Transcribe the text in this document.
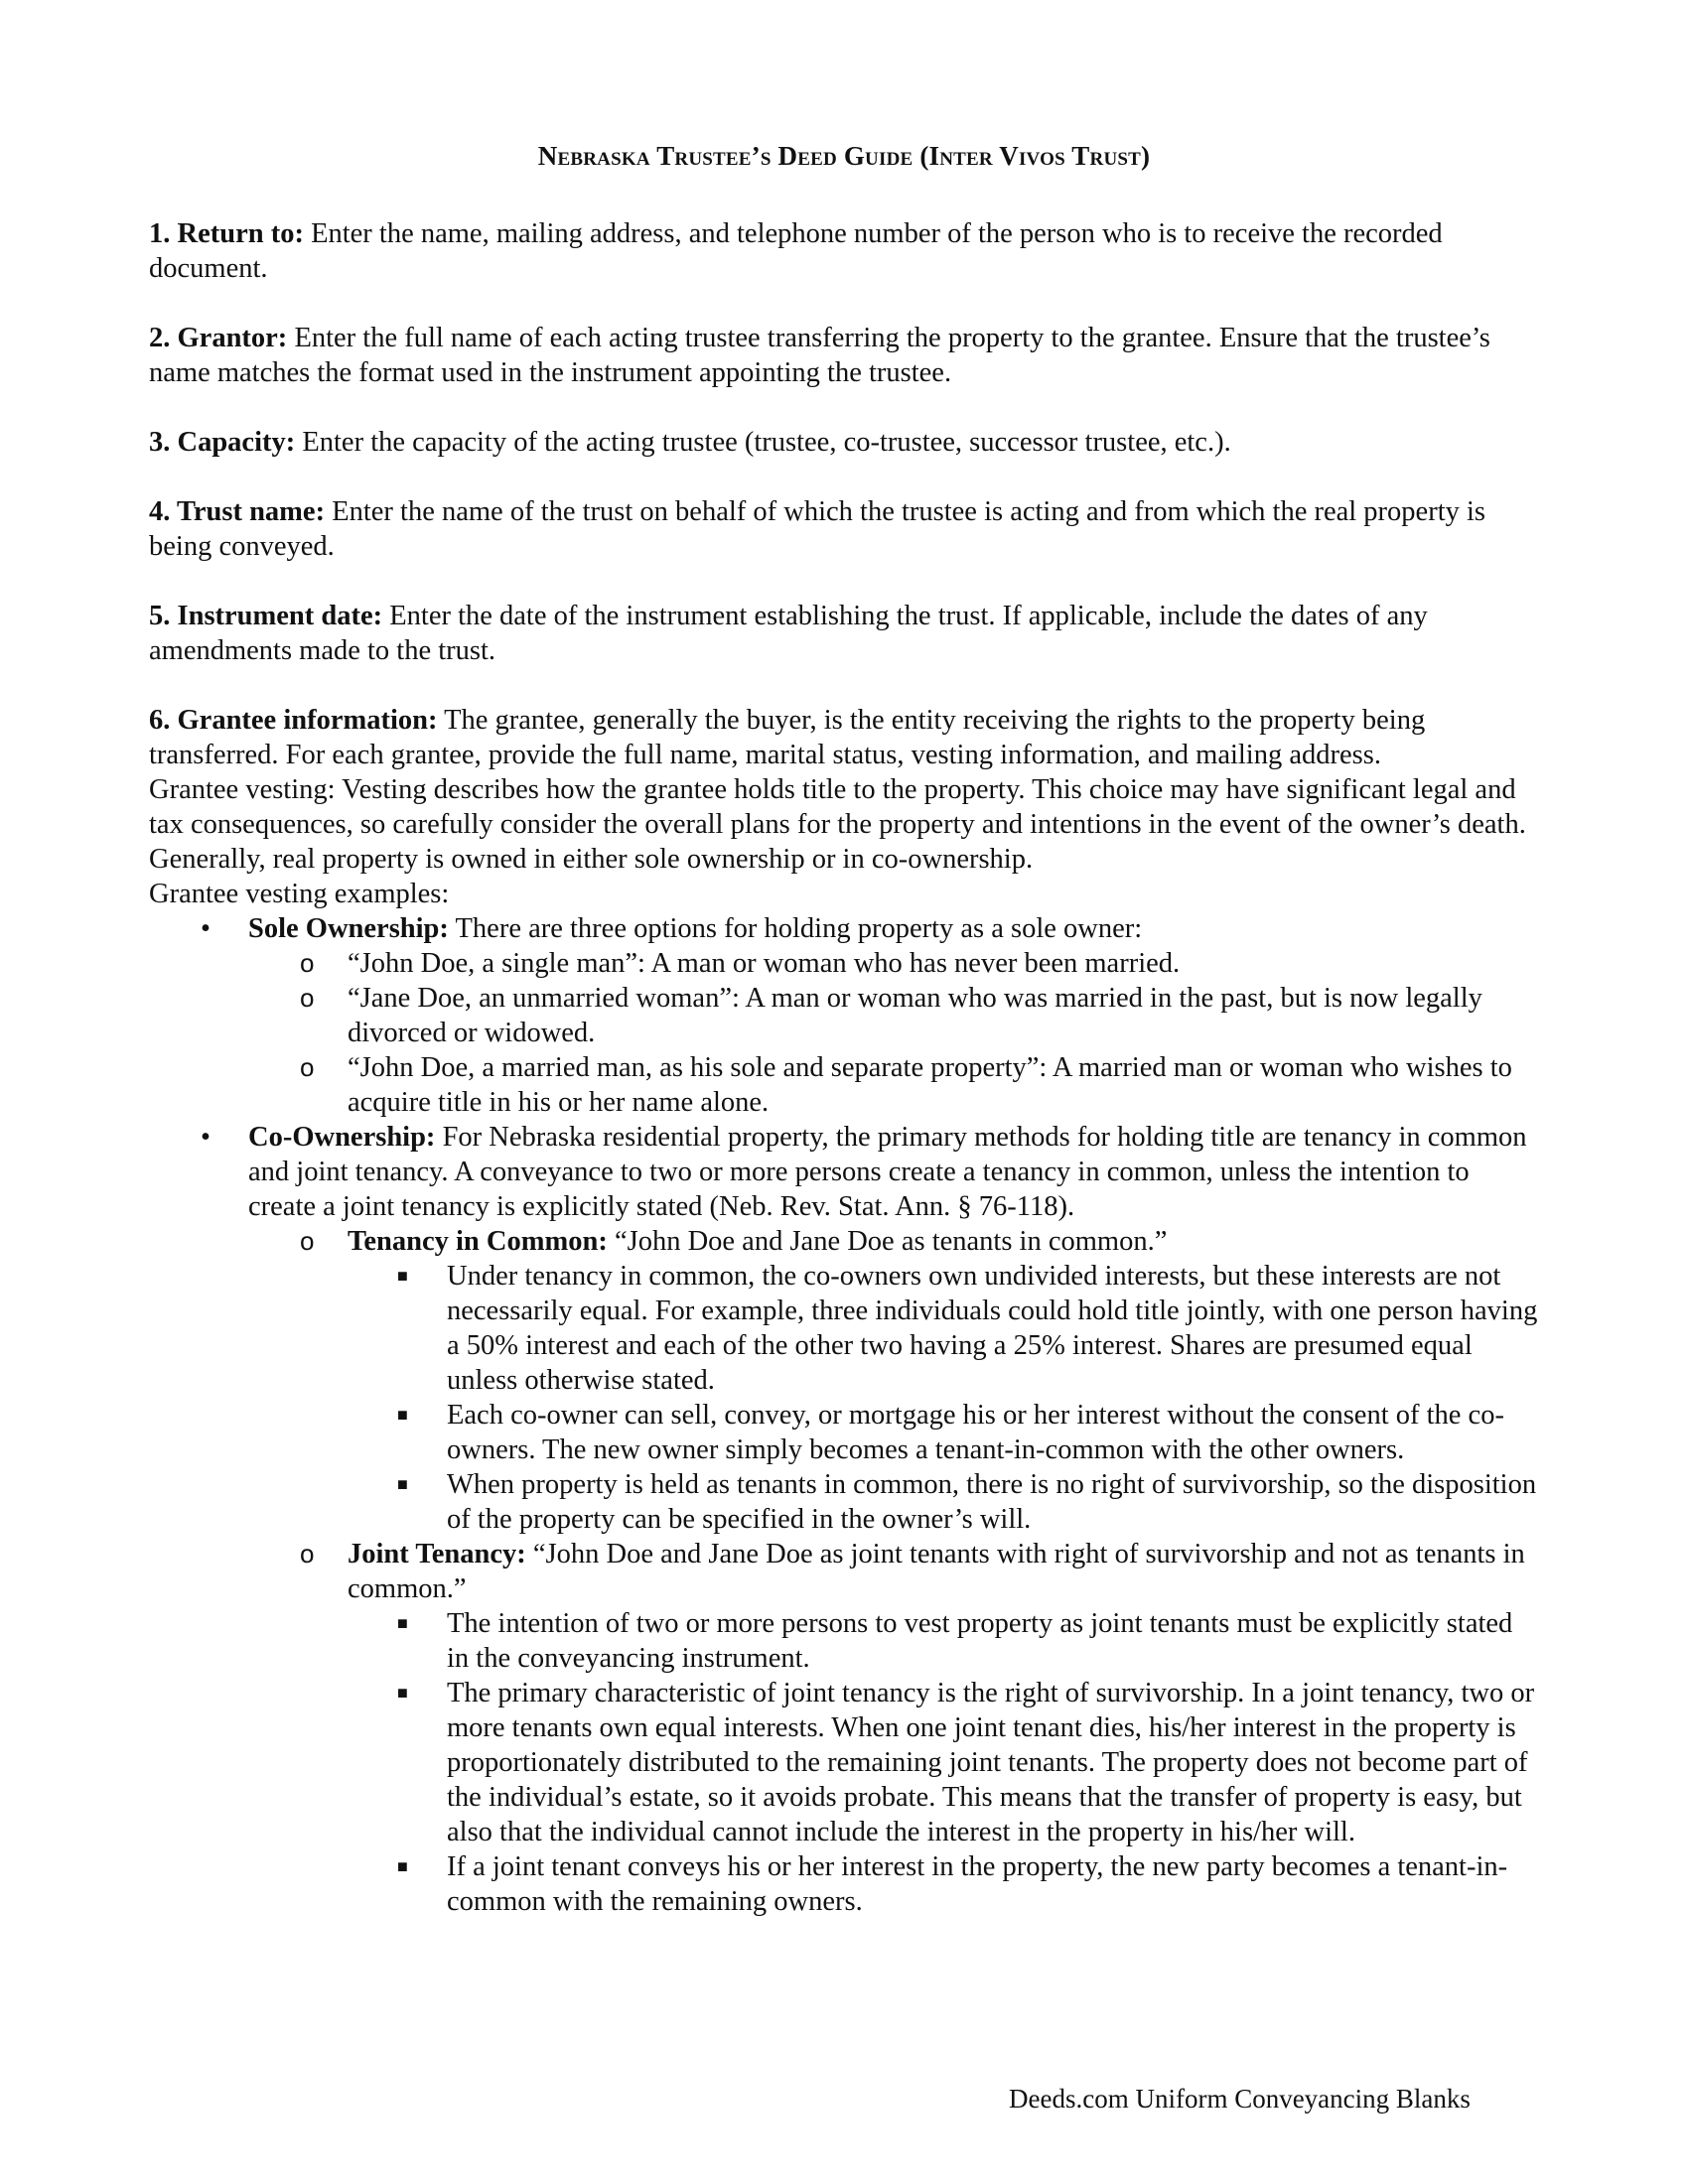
Nebraska Trustee’s Deed Guide (Inter Vivos Trust)

1. Return to: Enter the name, mailing address, and telephone number of the person who is to receive the recorded document.

2. Grantor: Enter the full name of each acting trustee transferring the property to the grantee. Ensure that the trustee’s name matches the format used in the instrument appointing the trustee.

3. Capacity: Enter the capacity of the acting trustee (trustee, co-trustee, successor trustee, etc.).

4. Trust name: Enter the name of the trust on behalf of which the trustee is acting and from which the real property is being conveyed.

5. Instrument date: Enter the date of the instrument establishing the trust. If applicable, include the dates of any amendments made to the trust.

6. Grantee information: The grantee, generally the buyer, is the entity receiving the rights to the property being transferred. For each grantee, provide the full name, marital status, vesting information, and mailing address.

Grantee vesting: Vesting describes how the grantee holds title to the property. This choice may have significant legal and tax consequences, so carefully consider the overall plans for the property and intentions in the event of the owner’s death. Generally, real property is owned in either sole ownership or in co-ownership.

Grantee vesting examples:

• Sole Ownership: There are three options for holding property as a sole owner:
o “John Doe, a single man”: A man or woman who has never been married.
o “Jane Doe, an unmarried woman”: A man or woman who was married in the past, but is now legally divorced or widowed.
o “John Doe, a married man, as his sole and separate property”: A married man or woman who wishes to acquire title in his or her name alone.
• Co-Ownership: For Nebraska residential property, the primary methods for holding title are tenancy in common and joint tenancy. A conveyance to two or more persons create a tenancy in common, unless the intention to create a joint tenancy is explicitly stated (Neb. Rev. Stat. Ann. § 76-118).
o Tenancy in Common: “John Doe and Jane Doe as tenants in common.”
■ Under tenancy in common, the co-owners own undivided interests, but these interests are not necessarily equal. For example, three individuals could hold title jointly, with one person having a 50% interest and each of the other two having a 25% interest. Shares are presumed equal unless otherwise stated.
■ Each co-owner can sell, convey, or mortgage his or her interest without the consent of the co-owners. The new owner simply becomes a tenant-in-common with the other owners.
■ When property is held as tenants in common, there is no right of survivorship, so the disposition of the property can be specified in the owner’s will.
o Joint Tenancy: “John Doe and Jane Doe as joint tenants with right of survivorship and not as tenants in common.”
■ The intention of two or more persons to vest property as joint tenants must be explicitly stated in the conveyancing instrument.
■ The primary characteristic of joint tenancy is the right of survivorship. In a joint tenancy, two or more tenants own equal interests. When one joint tenant dies, his/her interest in the property is proportionately distributed to the remaining joint tenants. The property does not become part of the individual’s estate, so it avoids probate. This means that the transfer of property is easy, but also that the individual cannot include the interest in the property in his/her will.
■ If a joint tenant conveys his or her interest in the property, the new party becomes a tenant-in-common with the remaining owners.
Deeds.com Uniform Conveyancing Blanks
